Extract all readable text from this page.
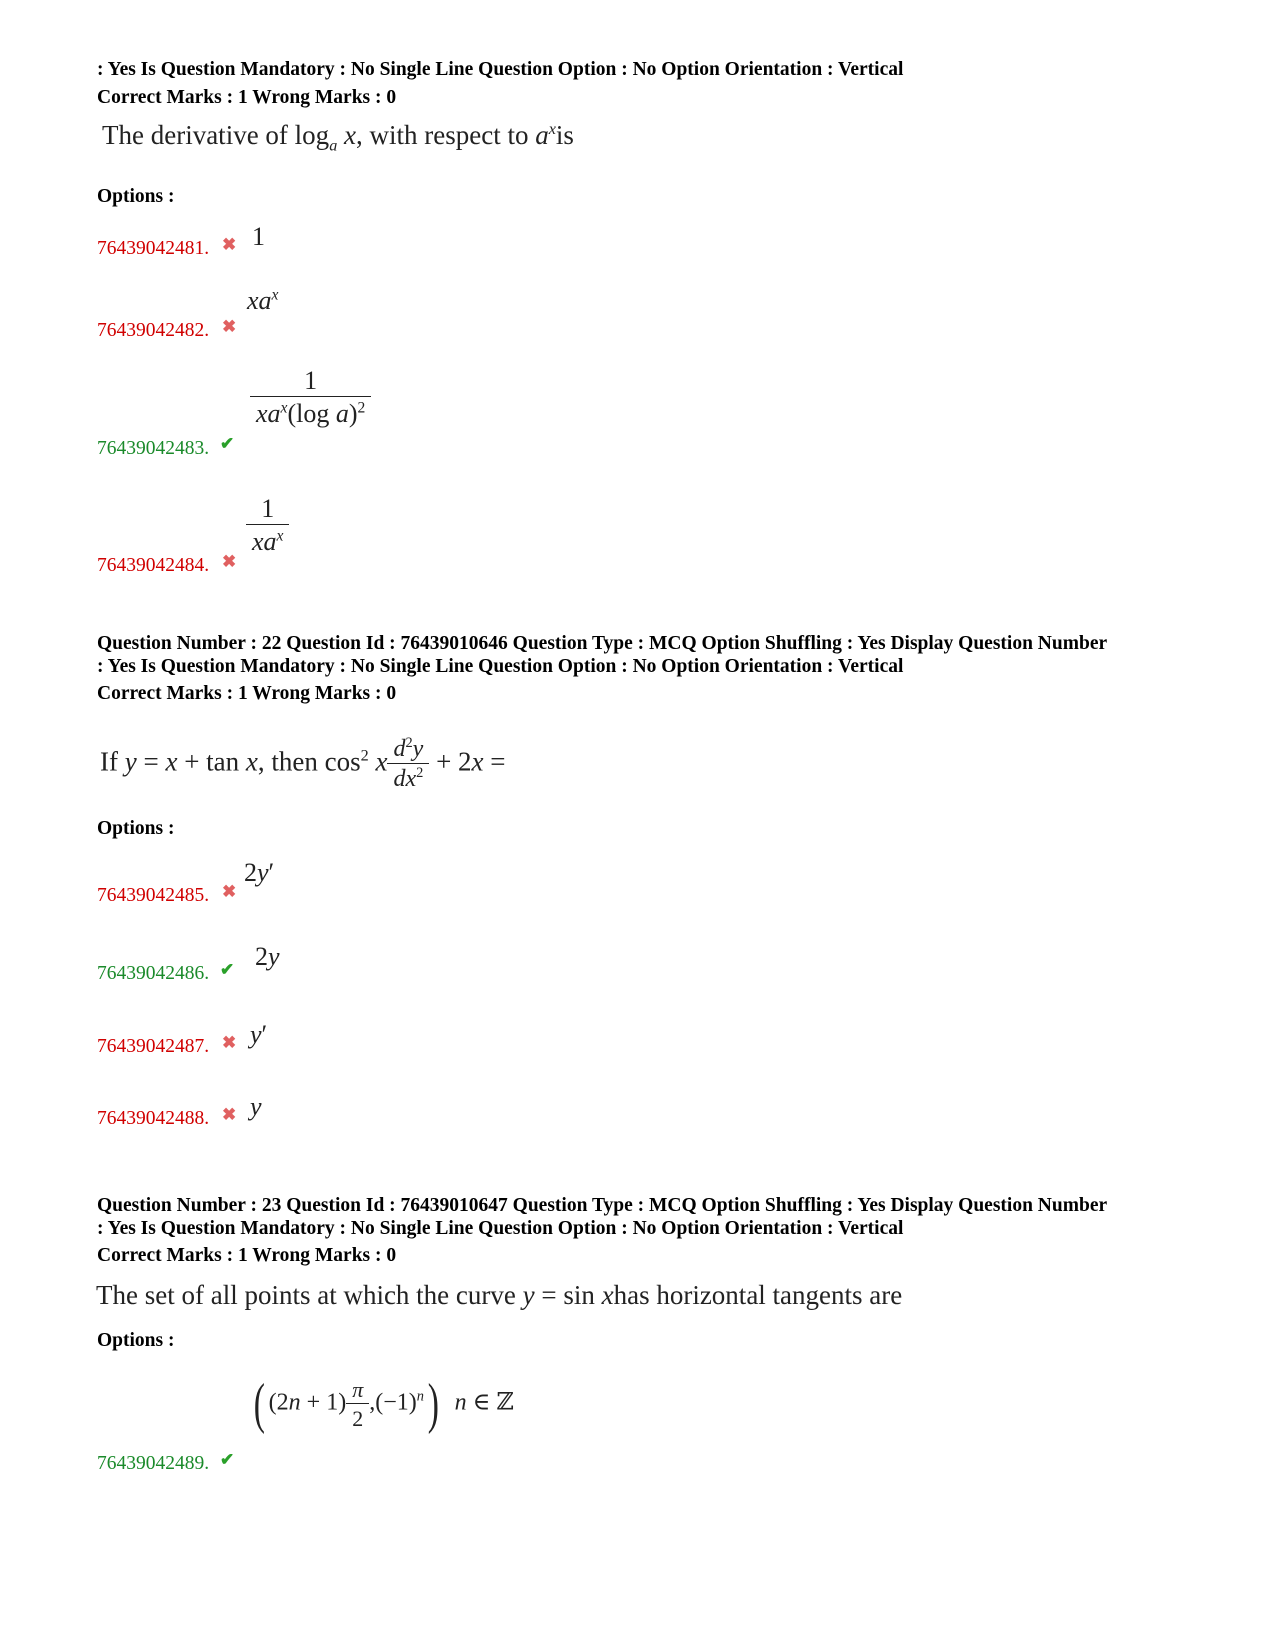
: Yes Is Question Mandatory : No Single Line Question Option : No Option Orientation : Vertical
Correct Marks : 1 Wrong Marks : 0
The derivative of $\log_a x$, with respect to $a^xis$
Options :
76439042481. ✖ 1
76439042482. ✖
$xa^x$
76439042483. ✔
$\frac{1}{xa^x(\log a)^2}$
76439042484. ✖
$\frac{1}{xa^x}$
Question Number : 22 Question Id : 76439010646 Question Type : MCQ Option Shuffling : Yes Display Question Number
: Yes Is Question Mandatory : No Single Line Question Option : No Option Orientation : Vertical
Correct Marks : 1 Wrong Marks : 0
If y = x + tan x, then $\cos^2 x \frac{d^2y}{dx^2} + 2x$ =
Options :
76439042485. ✖
2y′
76439042486. ✔ 2y
76439042487. ✖ y′
76439042488. ✖ y
Question Number : 23 Question Id : 76439010647 Question Type : MCQ Option Shuffling : Yes Display Question Number
: Yes Is Question Mandatory : No Single Line Question Option : No Option Orientation : Vertical
Correct Marks : 1 Wrong Marks : 0
The set of all points at which the curve y = sin xhas horizontal tangents are
Options :
76439042489. ✔
( $(2n + 1) \frac{\pi}{2} ,(-1)^n$) n ∈ ℤ
